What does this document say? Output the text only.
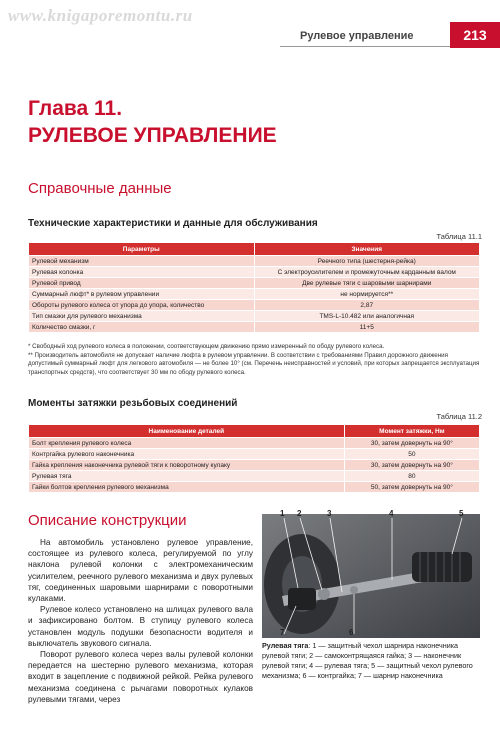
www.knigaporemontu.ru
Рулевое управление	213
Глава 11.
РУЛЕВОЕ УПРАВЛЕНИЕ
Справочные данные
Технические характеристики и данные для обслуживания
Таблица 11.1
Параметры	Значения
Рулевой механизм	Реечного типа (шестерня-рейка)
Рулевая колонка	С электроусилителем и промежуточным карданным валом
Рулевой привод	Две рулевые тяги с шаровыми шарнирами
Суммарный люфт* в рулевом управлении	не нормируется**
Обороты рулевого колеса от упора до упора, количество	2,87
Тип смазки для рулевого механизма	TMS-L-10.482 или аналогичная
Количество смазки, г	11+5

* Свободный ход рулевого колеса в положении, соответствующем движению прямо измеренный по ободу рулевого колеса.

** Производитель автомобиля не допускает наличие люфта в рулевом управлении. В соответствии с требованиями Правил дорожного движения допустимый суммарный люфт для легкового автомобиля — не более 10° (см. Перечень неисправностей и условий, при которых запрещается эксплуатация транспортных средств), что соответствует 30 мм по ободу рулевого колеса.

Моменты затяжки резьбовых соединений
Таблица 11.2
Наименование деталей	Момент затяжки, Нм
Болт крепления рулевого колеса	30, затем довернуть на 90°
Контргайка рулевого наконечника	50
Гайка крепления наконечника рулевой тяги к поворотному кулаку	30, затем довернуть на 90°
Рулевая тяга	80
Гайки болтов крепления рулевого механизма	50, затем довернуть на 90°
Описание конструкции

На автомобиль установлено рулевое управление, состоящее из рулевого колеса, регулируемой по углу наклона рулевой колонки с электромеханическим усилителем, реечного рулевого механизма и двух рулевых тяг, соединенных шаровыми шарнирами с поворотными кулаками.

Рулевое колесо установлено на шлицах рулевого вала и зафиксировано болтом. В ступицу рулевого колеса установлен модуль подушки безопасности водителя и выключатель звукового сигнала.

Поворот рулевого колеса через валы рулевой колонки передается на шестерню рулевого механизма, которая входит в зацепление с подвижной рейкой. Рейка рулевого механизма соединена с рычагами поворотных кулаков рулевыми тягами, через

1 2	3	4	5
6
7
Рулевая тяга: 1 — защитный чехол шарнира наконечника рулевой тяги; 2 — самоконтрящаяся гайка; 3 — наконечник рулевой тяги; 4 — рулевая тяга; 5 — защитный чехол рулевого механизма; 6 — контргайка; 7 — шарнир наконечника
